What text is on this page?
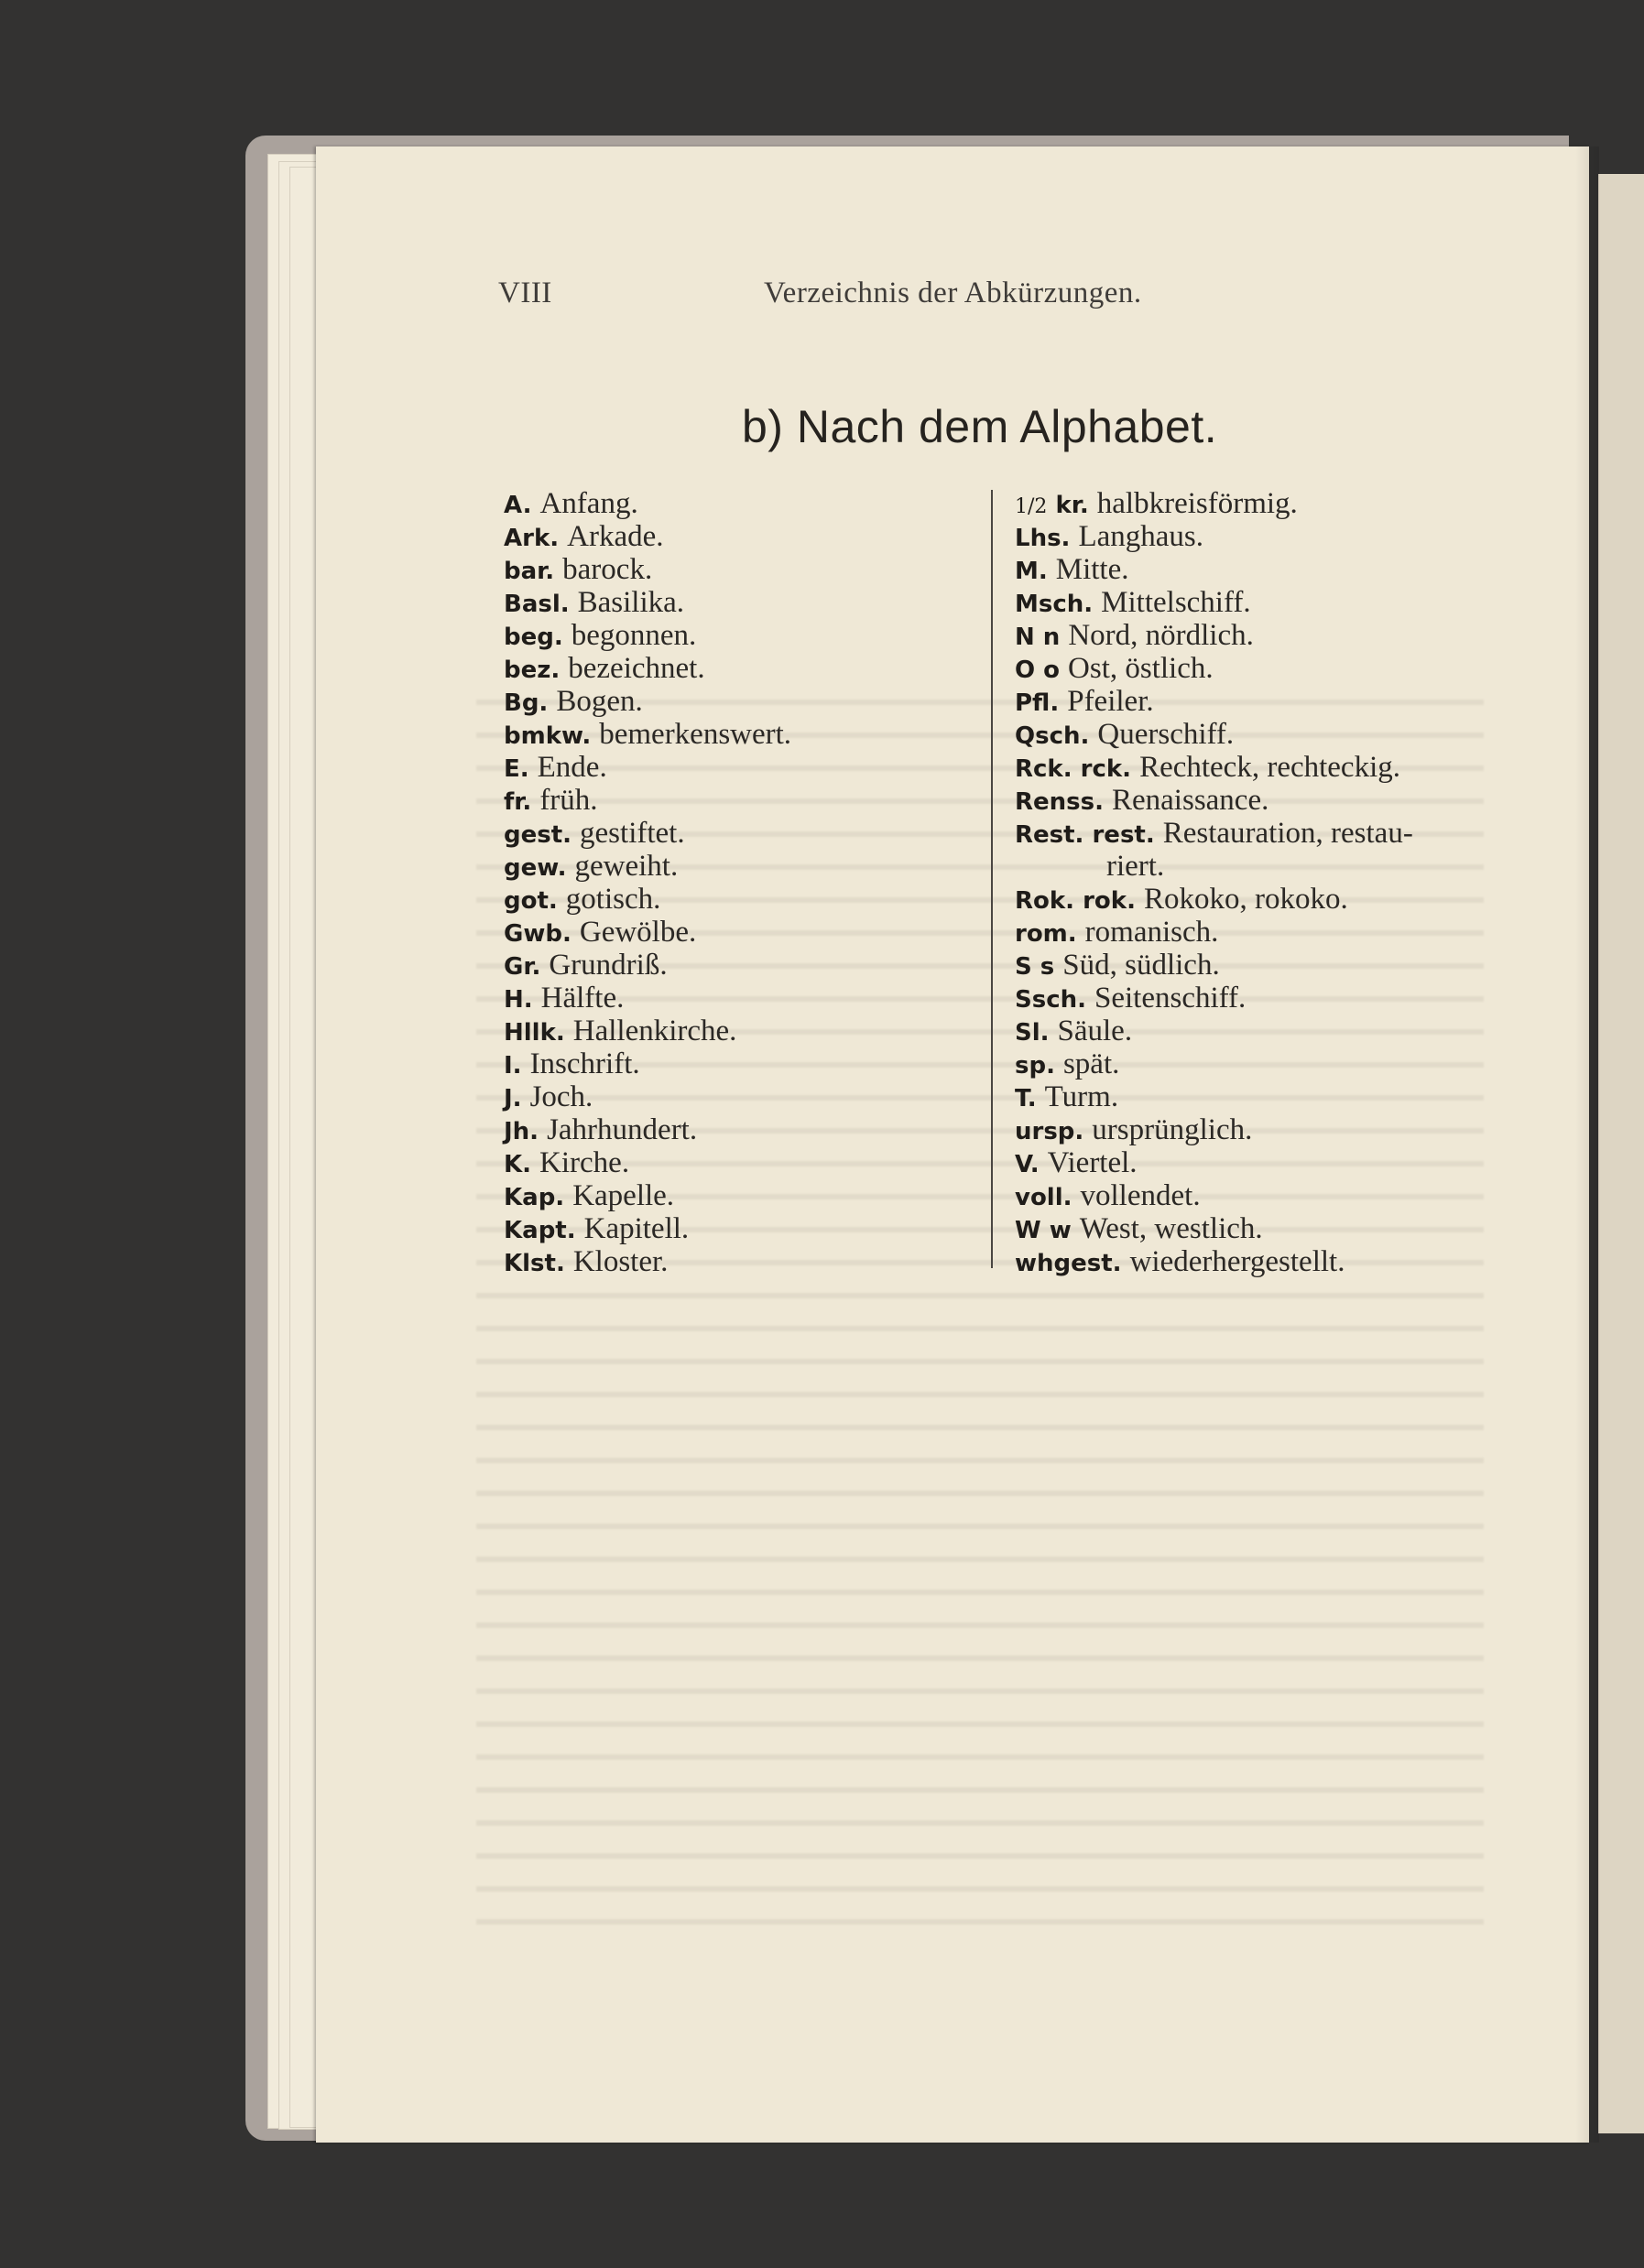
VIII	Verzeichnis der Abkürzungen.
b) Nach dem Alphabet.
A. Anfang.
Ark. Arkade.
bar. barock.
Basl. Basilika.
beg. begonnen.
bez. bezeichnet.
Bg. Bogen.
bmkw. bemerkenswert.
E. Ende.
fr. früh.
gest. gestiftet.
gew. geweiht.
got. gotisch.
Gwb. Gewölbe.
Gr. Grundriß.
H. Hälfte.
Hllk. Hallenkirche.
I. Inschrift.
J. Joch.
Jh. Jahrhundert.
K. Kirche.
Kap. Kapelle.
Kapt. Kapitell.
Klst. Kloster.
1/2 kr. halbkreisförmig.
Lhs. Langhaus.
M. Mitte.
Msch. Mittelschiff.
N n Nord, nördlich.
O o Ost, östlich.
Pfl. Pfeiler.
Qsch. Querschiff.
Rck. rck. Rechteck, rechteckig.
Renss. Renaissance.
Rest. rest. Restauration, restau-
riert.
Rok. rok. Rokoko, rokoko.
rom. romanisch.
S s Süd, südlich.
Ssch. Seitenschiff.
Sl. Säule.
sp. spät.
T. Turm.
ursp. ursprünglich.
V. Viertel.
voll. vollendet.
W w West, westlich.
whgest. wiederhergestellt.
